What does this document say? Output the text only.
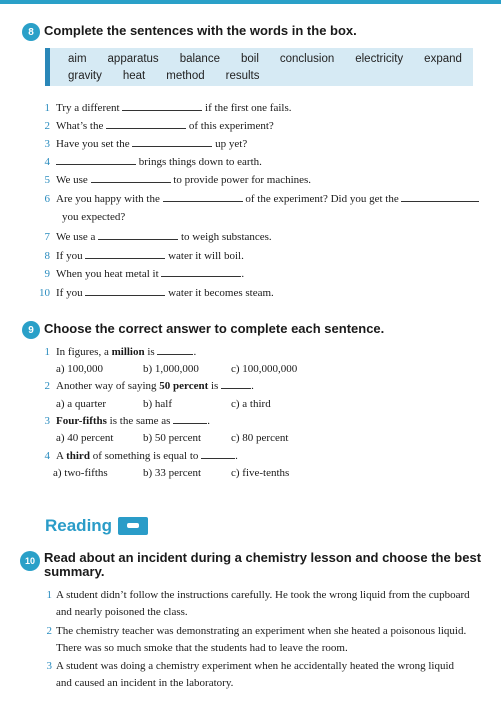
8 Complete the sentences with the words in the box.
aim apparatus balance boil conclusion electricity expand
gravity heat method results
1 Try a different	if the first one fails.
2 What’s the	of this experiment?
3 Have you set the	up yet?
4	brings things down to earth.
5 We use	to provide power for machines.
6 Are you happy with the	of the experiment? Did you get the
you expected?
7 We use a	to weigh substances.
8 If you	water it will boil.
9 When you heat metal it	.
10 If you	water it becomes steam.
9 Choose the correct answer to complete each sentence.
1 In figures, a million is	.
a) 100,000	b) 1,000,000	c) 100,000,000
2 Another way of saying 50 percent is	.
a) a quarter	b) half	c) a third
3 Four-fifths is the same as	.
a) 40 percent	b) 50 percent	c) 80 percent
4 A third of something is equal to	.
a) two-fifths	b) 33 percent	c) five-tenths
Reading
10 Read about an incident during a chemistry lesson and choose the best
summary.
1 A student didn’t follow the instructions carefully. He took the wrong liquid from the cupboard
and nearly poisoned the class.
2 The chemistry teacher was demonstrating an experiment when she heated a poisonous liquid.
There was so much smoke that the students had to leave the room.
3 A student was doing a chemistry experiment when he accidentally heated the wrong liquid
and caused an incident in the laboratory.
